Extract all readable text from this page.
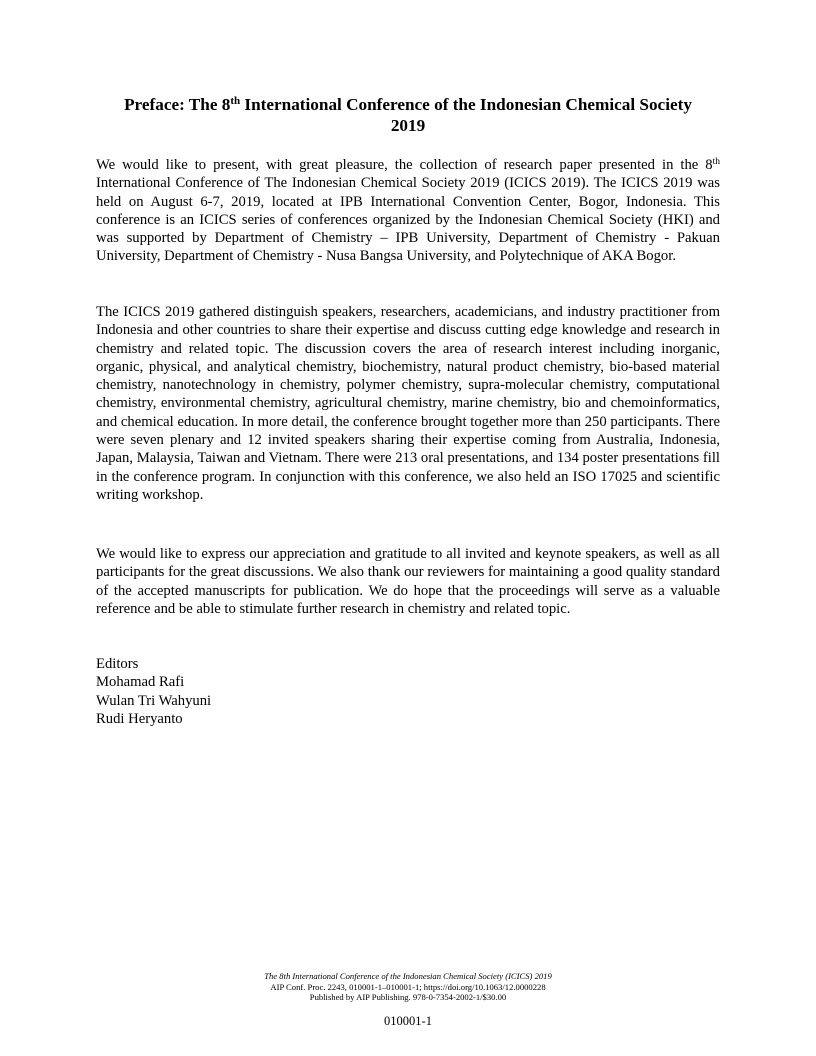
Preface: The 8th International Conference of the Indonesian Chemical Society
2019

We would like to present, with great pleasure, the collection of research paper presented in the 8th International Conference of The Indonesian Chemical Society 2019 (ICICS 2019). The ICICS 2019 was held on August 6-7, 2019, located at IPB International Convention Center, Bogor, Indonesia. This conference is an ICICS series of conferences organized by the Indonesian Chemical Society (HKI) and was supported by Department of Chemistry – IPB University, Department of Chemistry - Pakuan University, Department of Chemistry - Nusa Bangsa University, and Polytechnique of AKA Bogor.

The ICICS 2019 gathered distinguish speakers, researchers, academicians, and industry practitioner from Indonesia and other countries to share their expertise and discuss cutting edge knowledge and research in chemistry and related topic. The discussion covers the area of research interest including inorganic, organic, physical, and analytical chemistry, biochemistry, natural product chemistry, bio-based material chemistry, nanotechnology in chemistry, polymer chemistry, supra-molecular chemistry, computational chemistry, environmental chemistry, agricultural chemistry, marine chemistry, bio and chemoinformatics, and chemical education. In more detail, the conference brought together more than 250 participants. There were seven plenary and 12 invited speakers sharing their expertise coming from Australia, Indonesia, Japan, Malaysia, Taiwan and Vietnam. There were 213 oral presentations, and 134 poster presentations fill in the conference program. In conjunction with this conference, we also held an ISO 17025 and scientific writing workshop.

We would like to express our appreciation and gratitude to all invited and keynote speakers, as well as all participants for the great discussions. We also thank our reviewers for maintaining a good quality standard of the accepted manuscripts for publication. We do hope that the proceedings will serve as a valuable reference and be able to stimulate further research in chemistry and related topic.

Editors
Mohamad Rafi
Wulan Tri Wahyuni
Rudi Heryanto
The 8th International Conference of the Indonesian Chemical Society (ICICS) 2019
AIP Conf. Proc. 2243, 010001-1–010001-1; https://doi.org/10.1063/12.0000228
Published by AIP Publishing. 978-0-7354-2002-1/$30.00
010001-1
